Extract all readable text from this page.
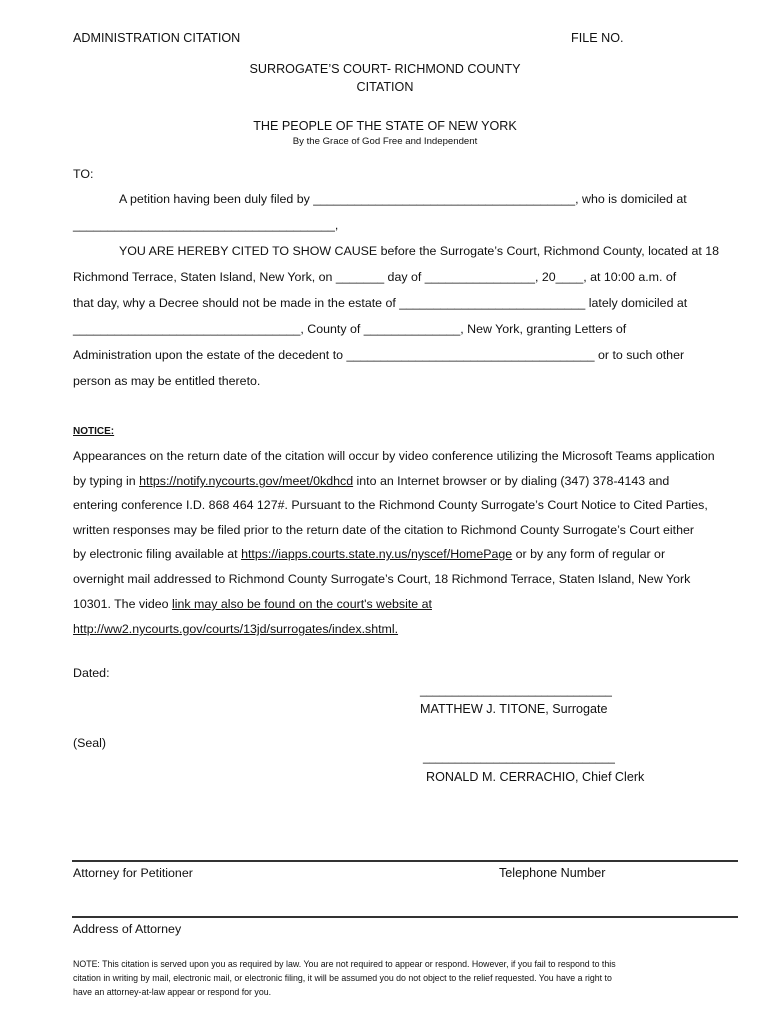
ADMINISTRATION CITATION	FILE NO.
SURROGATE’S COURT- RICHMOND COUNTY
CITATION
THE PEOPLE OF THE STATE OF NEW YORK
By the Grace of God Free and Independent
TO:
A petition having been duly filed by ______________________________________, who is domiciled at
______________________________________,
YOU ARE HEREBY CITED TO SHOW CAUSE before the Surrogate’s Court, Richmond County, located at 18
Richmond Terrace, Staten Island, New York, on _______ day of ________________, 20____, at 10:00 a.m. of
that day, why a Decree should not be made in the estate of ___________________________ lately domiciled at
_________________________________, County of ______________, New York, granting Letters of
Administration upon the estate of the decedent to ____________________________________ or to such other
person as may be entitled thereto.
NOTICE:
Appearances on the return date of the citation will occur by video conference utilizing the Microsoft Teams application
by typing in https://notify.nycourts.gov/meet/0kdhcd into an Internet browser or by dialing (347) 378-4143 and
entering conference I.D. 868 464 127#. Pursuant to the Richmond County Surrogate’s Court Notice to Cited Parties,
written responses may be filed prior to the return date of the citation to Richmond County Surrogate’s Court either
by electronic filing available at https://iapps.courts.state.ny.us/nyscef/HomePage or by any form of regular or
overnight mail addressed to Richmond County Surrogate’s Court, 18 Richmond Terrace, Staten Island, New York
10301. The video link may also be found on the court's website at
http://ww2.nycourts.gov/courts/13jd/surrogates/index.shtml.
Dated:
______________________________
MATTHEW J. TITONE, Surrogate
(Seal)
______________________________
RONALD M. CERRACHIO, Chief Clerk
Attorney for Petitioner	Telephone Number
Address of Attorney
NOTE: This citation is served upon you as required by law. You are not required to appear or respond. However, if you fail to respond to this
citation in writing by mail, electronic mail, or electronic filing, it will be assumed you do not object to the relief requested. You have a right to
have an attorney-at-law appear or respond for you.
